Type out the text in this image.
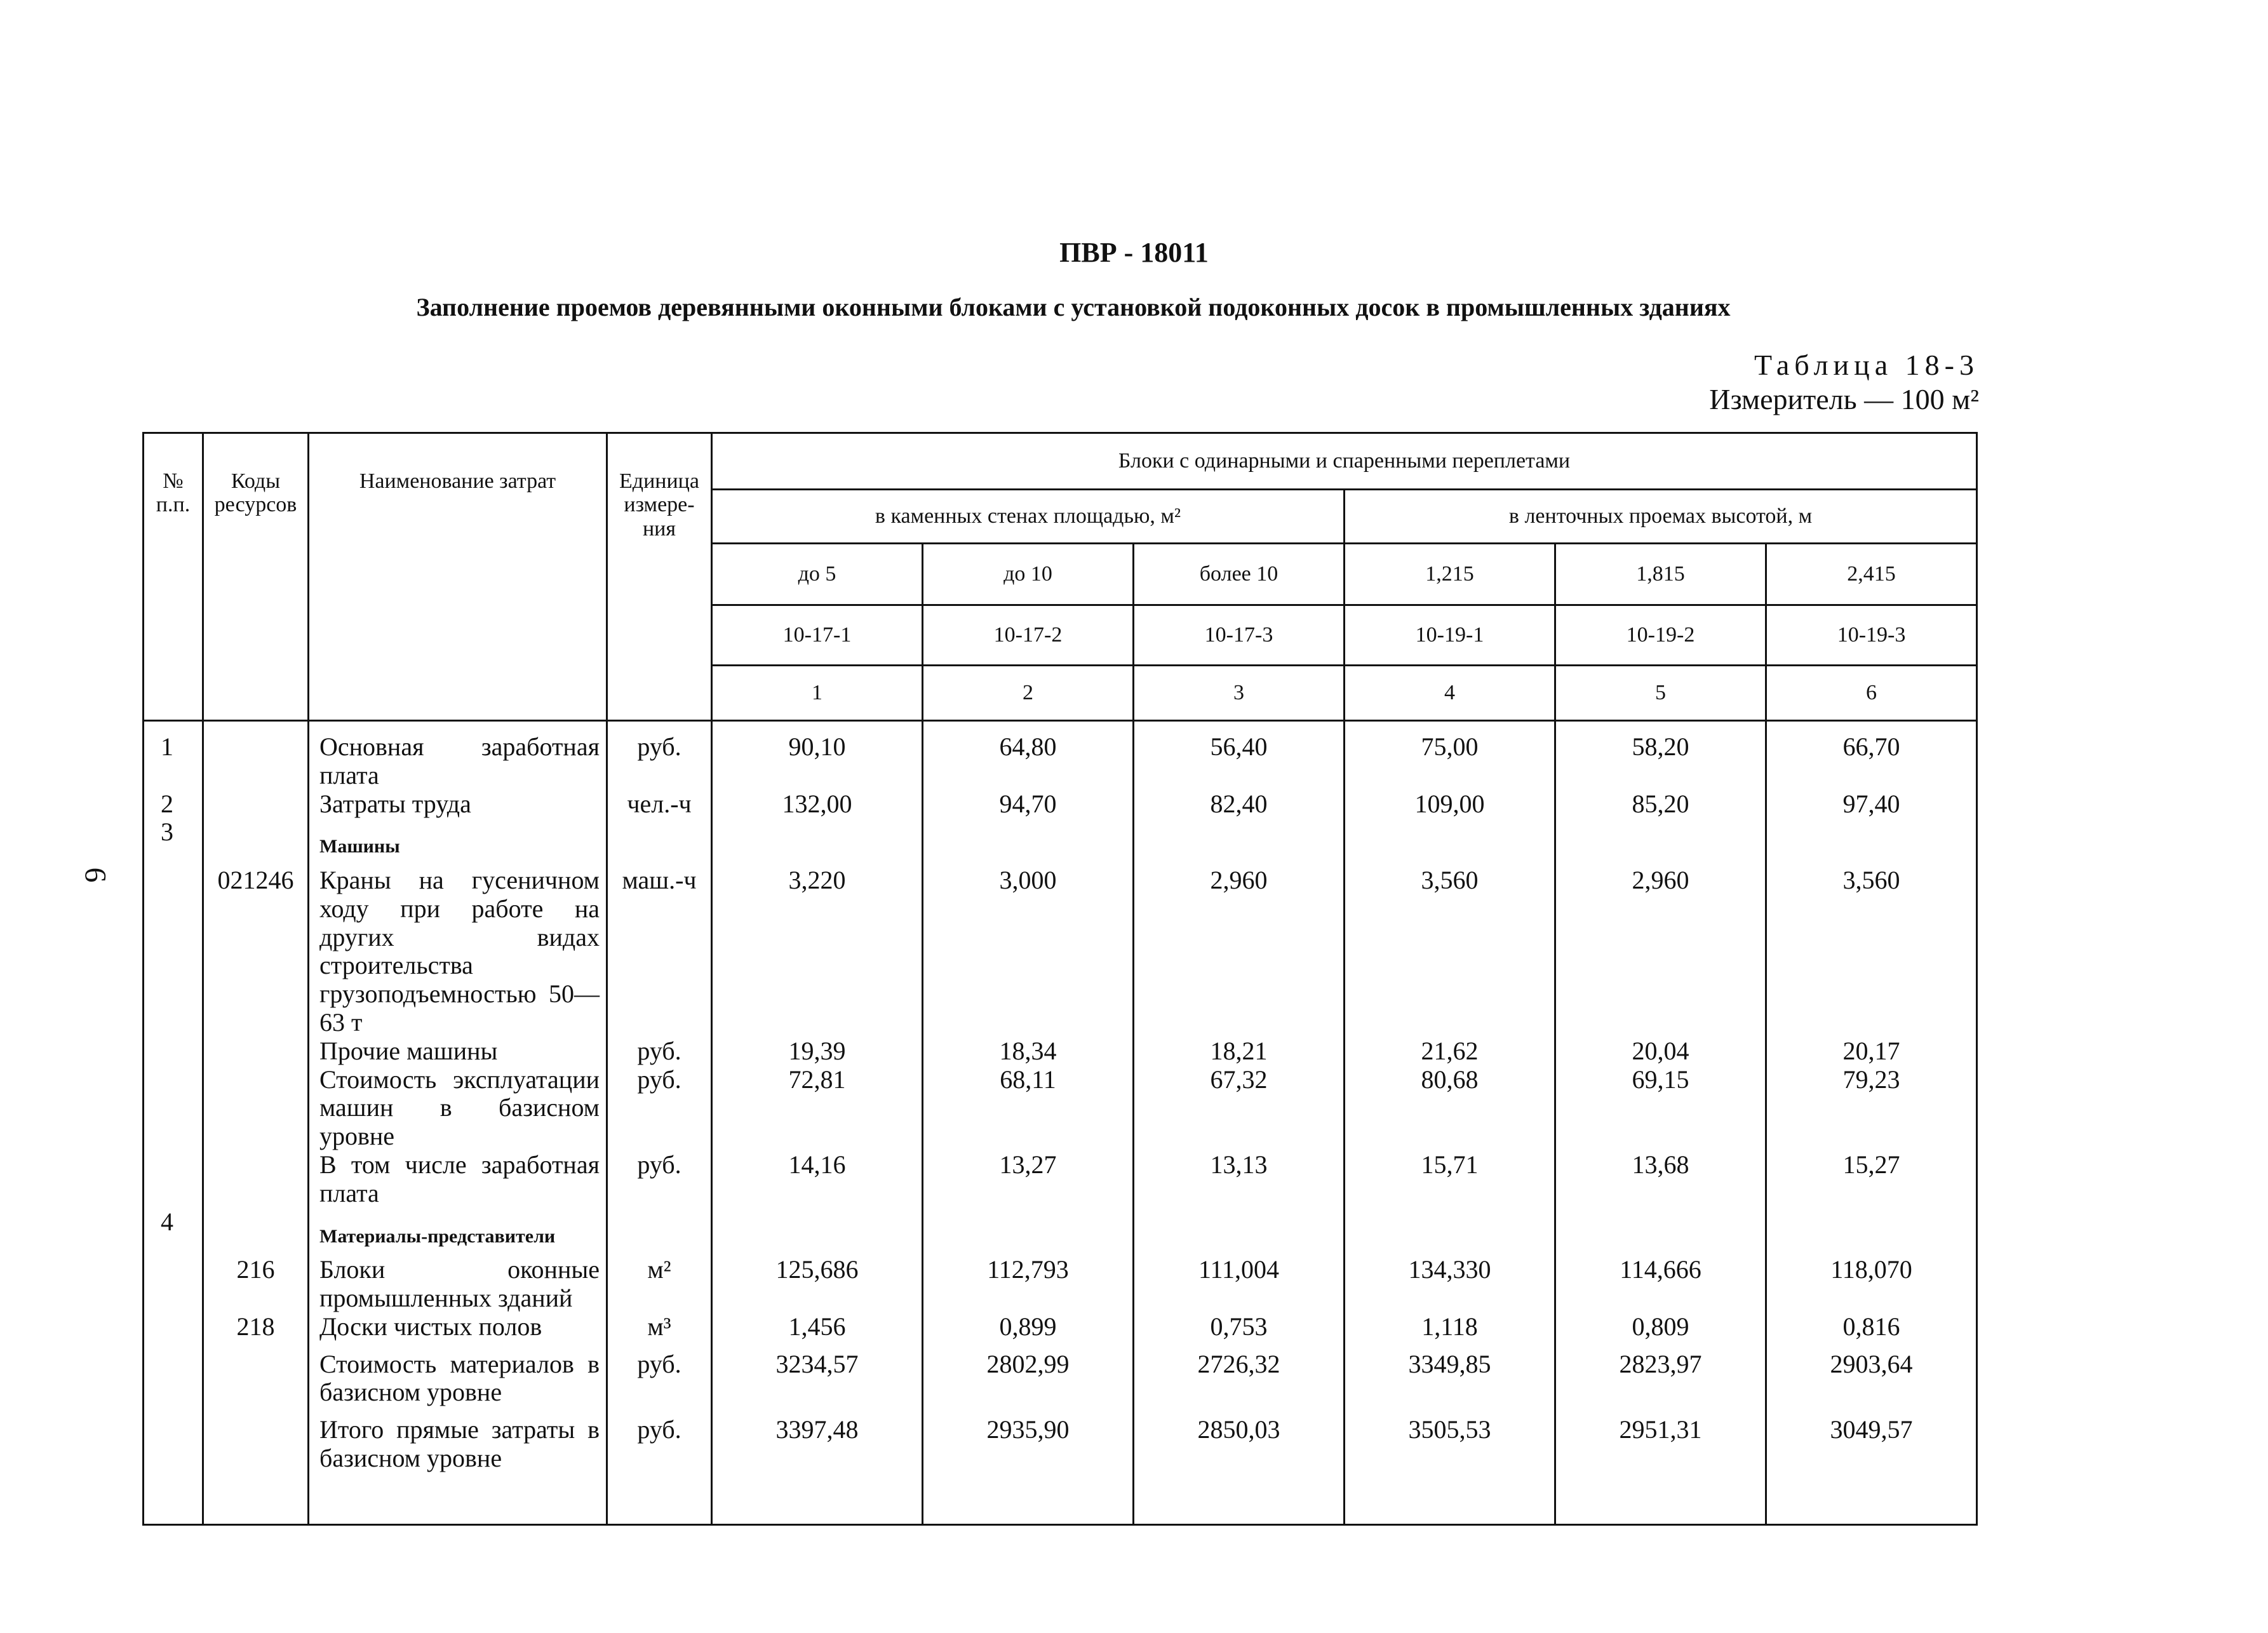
ПВР - 18011
Заполнение проемов деревянными оконными блоками с установкой подоконных досок в промышленных зданиях
Таблица 18-3
Измеритель — 100 м²
6
№ п.п.	Коды ресурсов	Наименование затрат	Единица измере-ния	Блоки с одинарными и спаренными переплетами					
				в каменных стенах площадью, м²			в ленточных проемах высотой, м		
				до 5	до 10	более 10	1,215	1,815	2,415
				10-17-1	10-17-2	10-17-3	10-19-1	10-19-2	10-19-3
				1	2	3	4	5	6
1		Основная заработная плата	руб.	90,10	64,80	56,40	75,00	58,20	66,70
2		Затраты труда	чел.-ч	132,00	94,70	82,40	109,00	85,20	97,40
3		Машины							
	021246	Краны на гусеничном ходу при работе на других видах строительства грузоподъемностью 50—63 т	маш.-ч	3,220	3,000	2,960	3,560	2,960	3,560
		Прочие машины	руб.	19,39	18,34	18,21	21,62	20,04	20,17
		Стоимость эксплуатации машин в базисном уровне	руб.	72,81	68,11	67,32	80,68	69,15	79,23
		В том числе заработная плата	руб.	14,16	13,27	13,13	15,71	13,68	15,27
4		Материалы-представители							
	216	Блоки оконные промышленных зданий	м²	125,686	112,793	111,004	134,330	114,666	118,070
	218	Доски чистых полов	м³	1,456	0,899	0,753	1,118	0,809	0,816
		Стоимость материалов в базисном уровне	руб.	3234,57	2802,99	2726,32	3349,85	2823,97	2903,64
		Итого прямые затраты в базисном уровне	руб.	3397,48	2935,90	2850,03	3505,53	2951,31	3049,57
